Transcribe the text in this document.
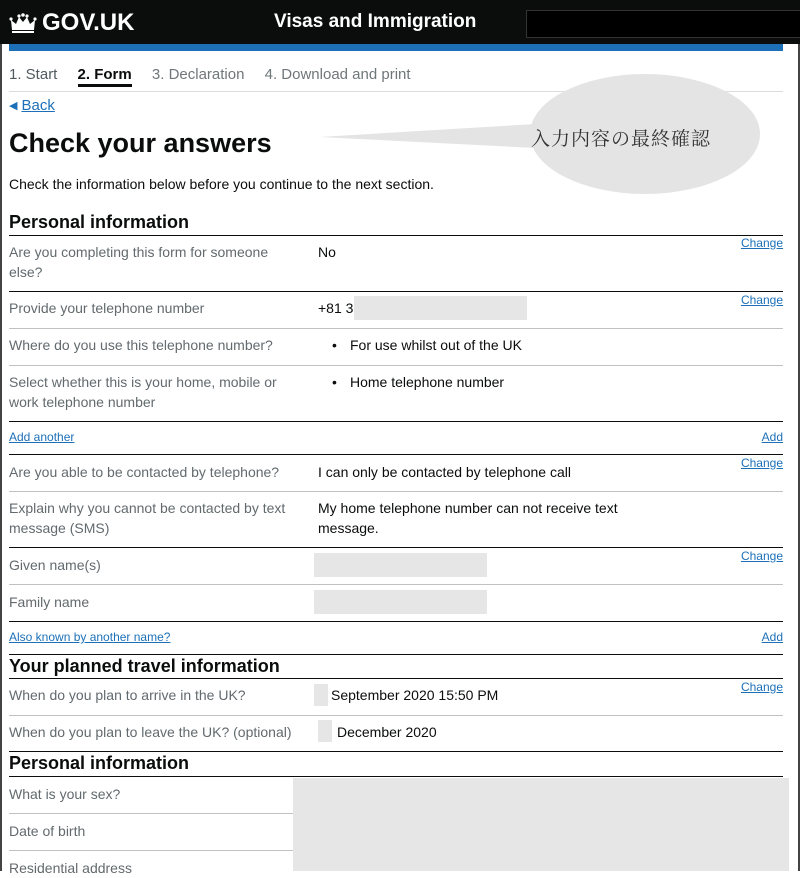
GOV.UK	Visas and Immigration
1. Start 2. Form 3. Declaration 4. Download and print
◀ Back
Check your answers	入力内容の最終確認
Check the information below before you continue to the next section.
Personal information
Are you completing this form for someone else?
No
Change
Provide your telephone number	+81 3	Change
Where do you use this telephone number?
•	For use whilst out of the UK
Select whether this is your home, mobile or work telephone number
• Home telephone number
Add another	Add
Are you able to be contacted by telephone?	I can only be contacted by telephone call
Change
Explain why you cannot be contacted by text message (SMS)
My home telephone number can not receive text message.
Given name(s)
Change
Family name
Also known by another name?	Add
Your planned travel information
When do you plan to arrive in the UK?	September 2020 15:50 PM	Change
When do you plan to leave the UK? (optional)	December 2020
Personal information
What is your sex?
Date of birth
Residential address
